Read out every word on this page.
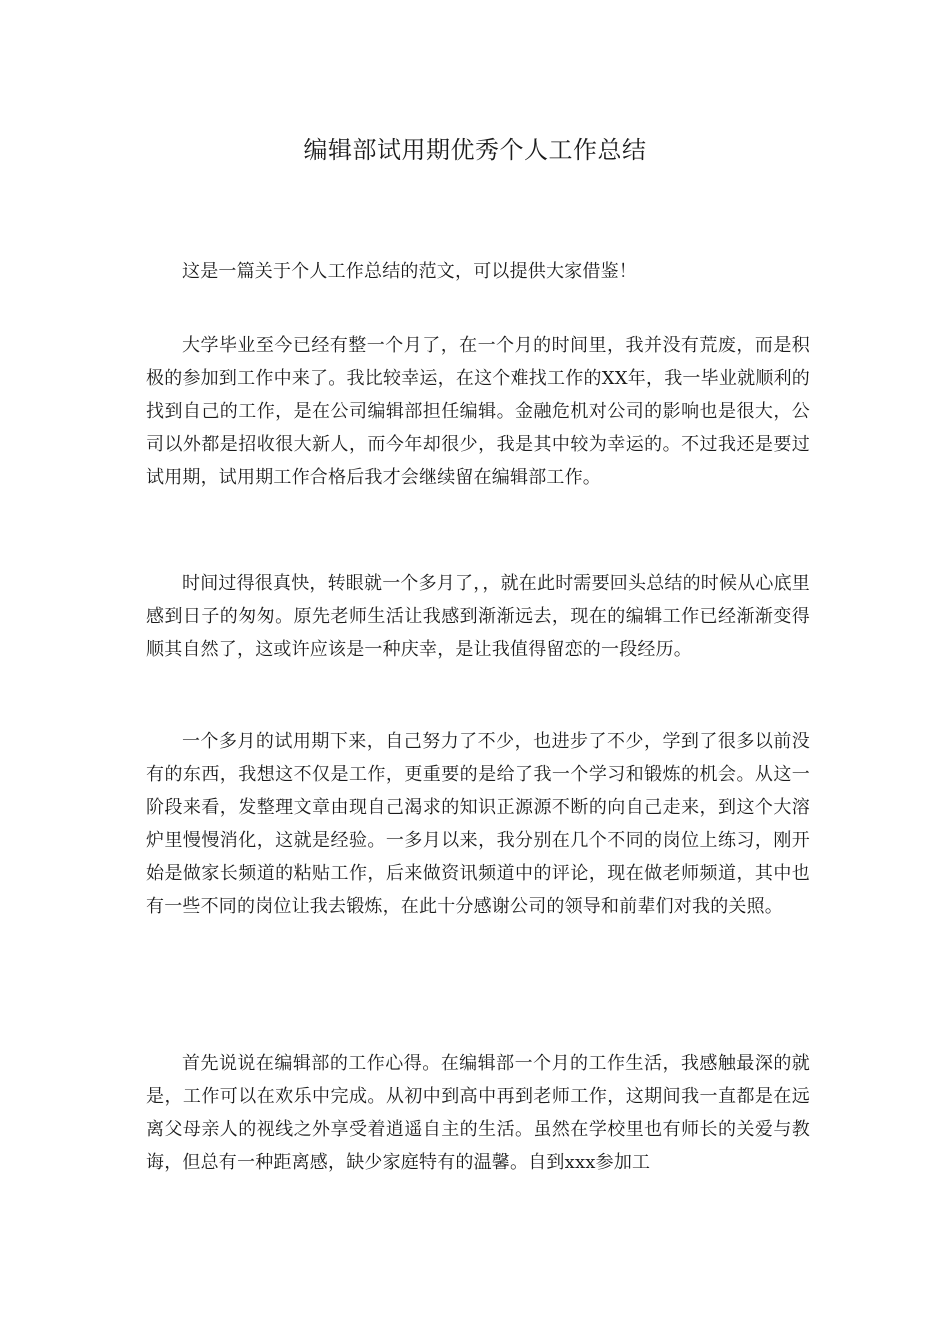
编辑部试用期优秀个人工作总结

这是一篇关于个人工作总结的范文，可以提供大家借鉴！

大学毕业至今已经有整一个月了，在一个月的时间里，我并没有荒废，而是积极的参加到工作中来了。我比较幸运，在这个难找工作的XX年，我一毕业就顺利的找到自己的工作，是在公司编辑部担任编辑。金融危机对公司的影响也是很大，公司以外都是招收很大新人，而今年却很少，我是其中较为幸运的。不过我还是要过试用期，试用期工作合格后我才会继续留在编辑部工作。

时间过得很真快，转眼就一个多月了，，就在此时需要回头总结的时候从心底里感到日子的匆匆。原先老师生活让我感到渐渐远去，现在的编辑工作已经渐渐变得顺其自然了，这或许应该是一种庆幸，是让我值得留恋的一段经历。

一个多月的试用期下来，自己努力了不少，也进步了不少，学到了很多以前没有的东西，我想这不仅是工作，更重要的是给了我一个学习和锻炼的机会。从这一阶段来看，发整理文章由现自己渴求的知识正源源不断的向自己走来，到这个大溶炉里慢慢消化，这就是经验。一多月以来，我分别在几个不同的岗位上练习，刚开始是做家长频道的粘贴工作，后来做资讯频道中的评论，现在做老师频道，其中也有一些不同的岗位让我去锻炼，在此十分感谢公司的领导和前辈们对我的关照。

首先说说在编辑部的工作心得。在编辑部一个月的工作生活，我感触最深的就是，工作可以在欢乐中完成。从初中到高中再到老师工作，这期间我一直都是在远离父母亲人的视线之外享受着逍遥自主的生活。虽然在学校里也有师长的关爱与教诲，但总有一种距离感，缺少家庭特有的温馨。自到xxx参加工
